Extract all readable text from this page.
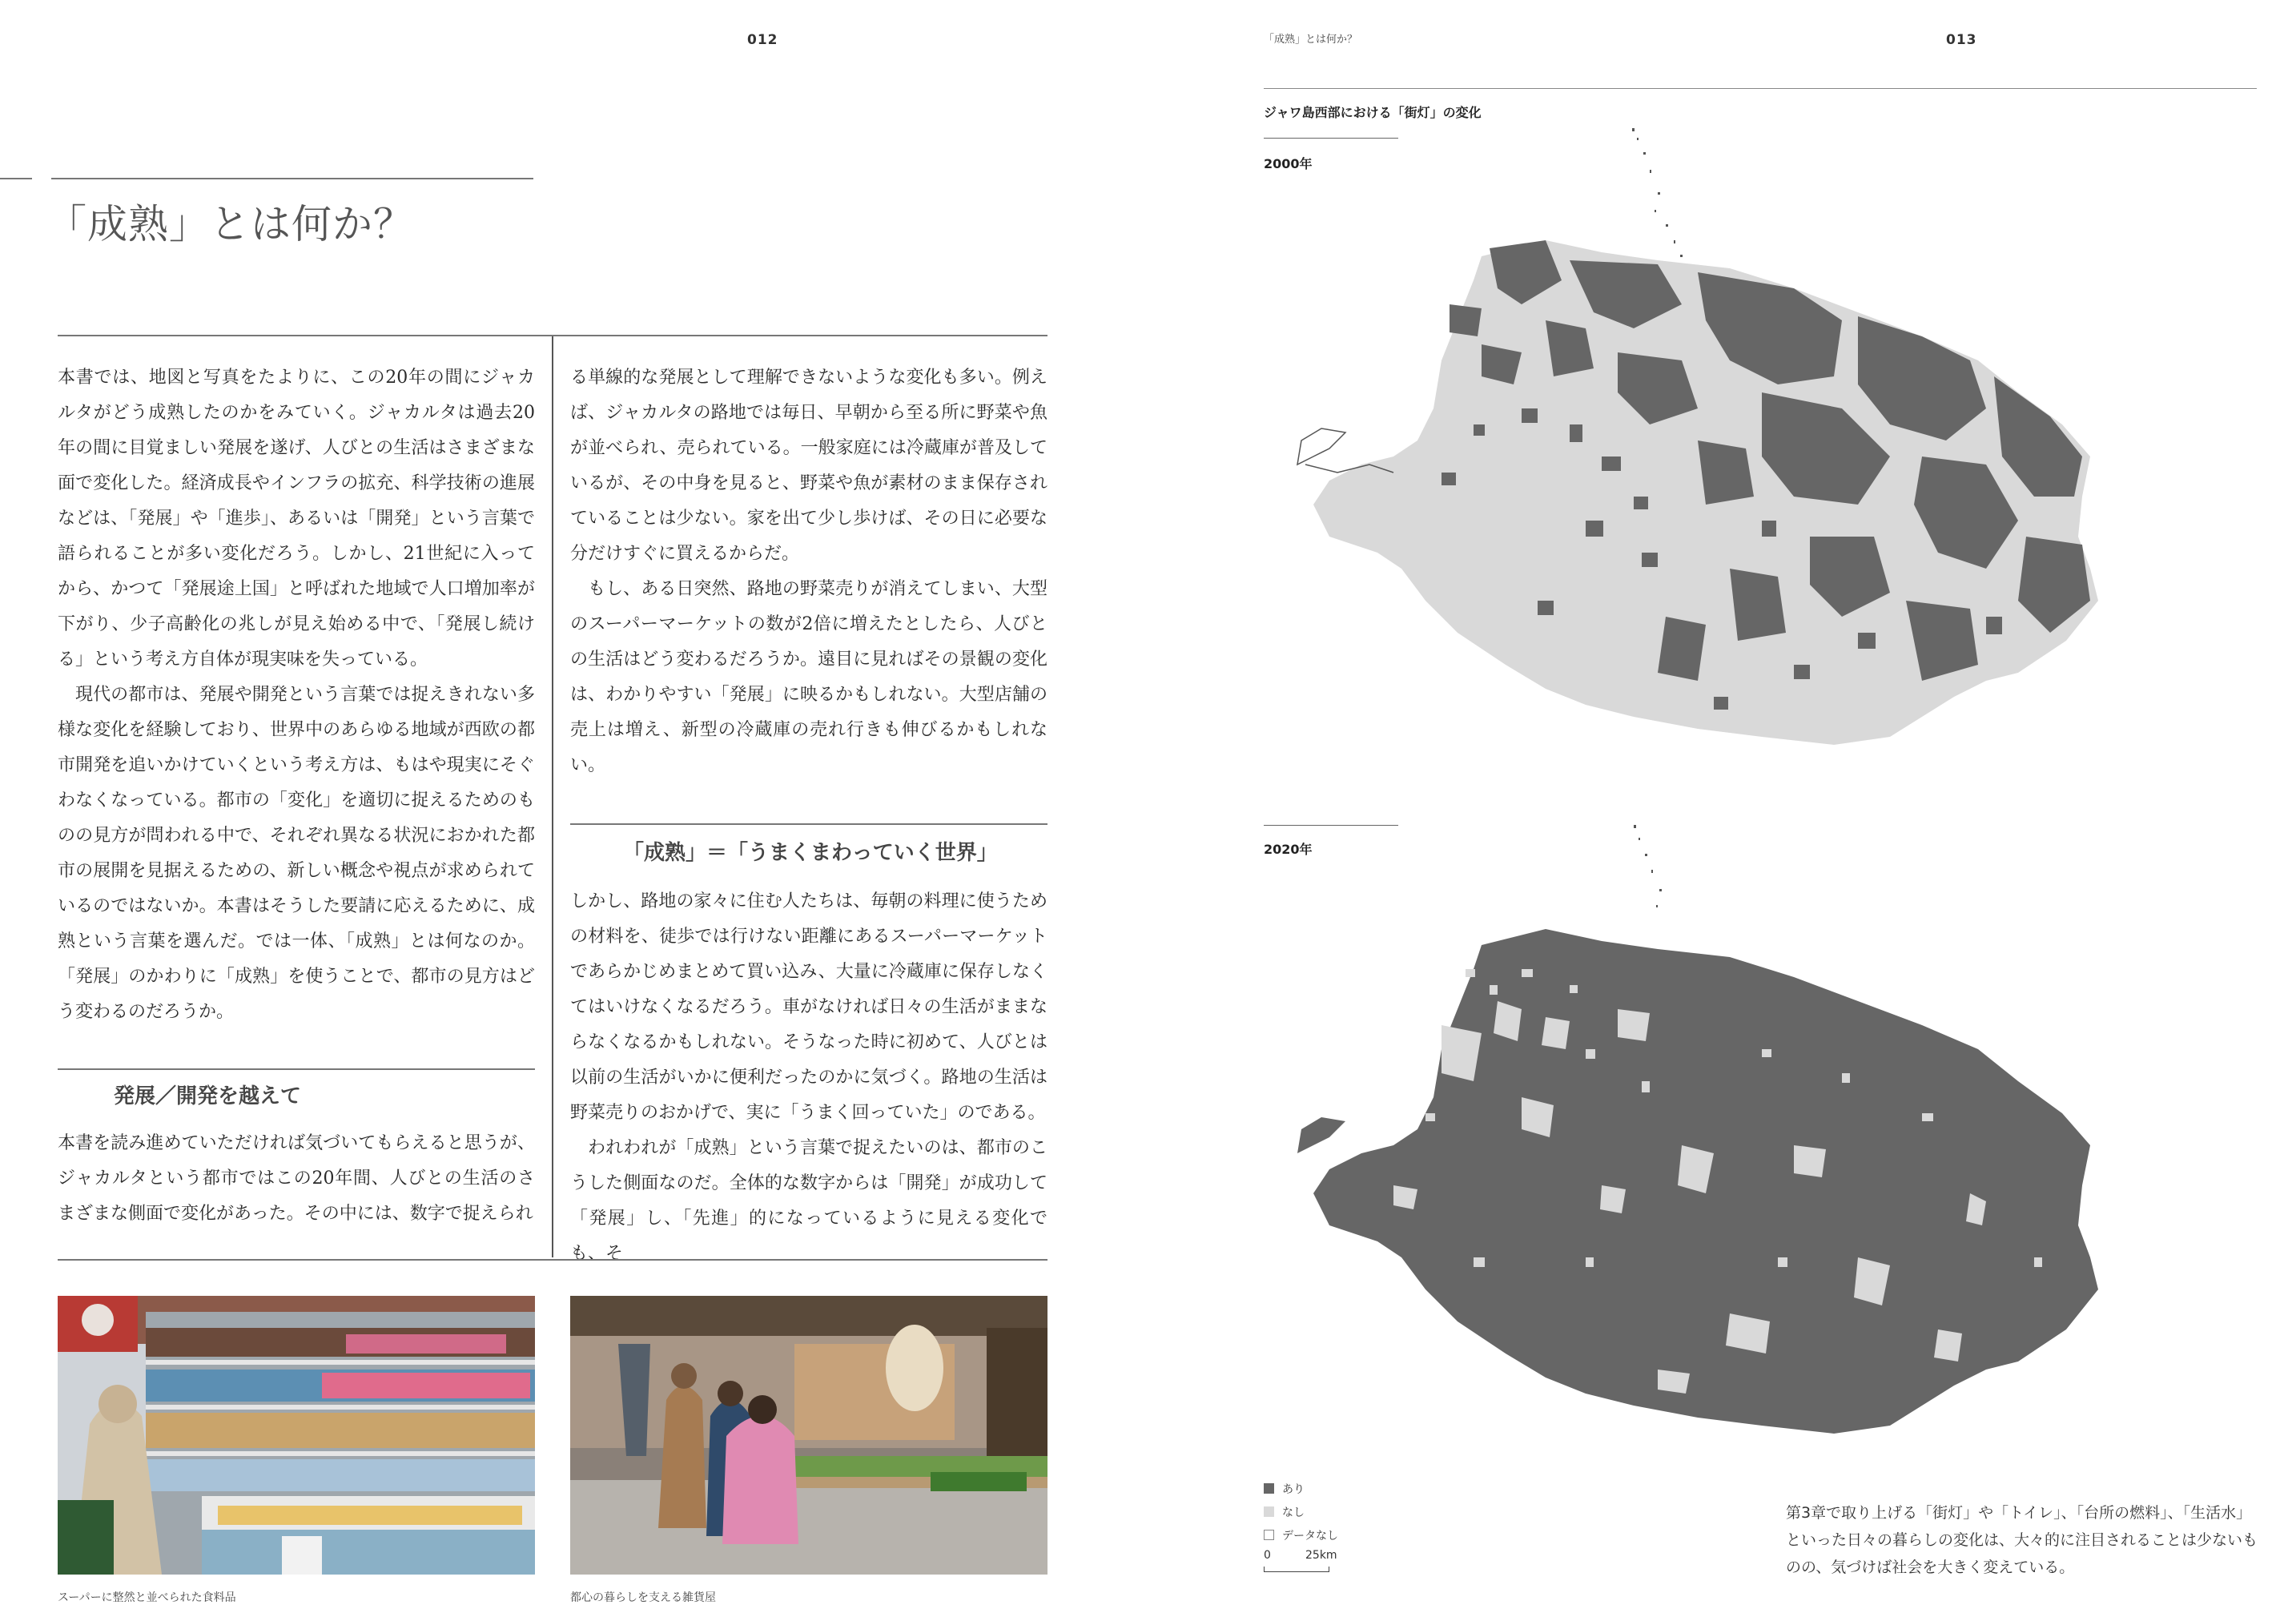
012
「成熟」とは何か？

本書では、地図と写真をたよりに、この20年の間にジャカルタがどう成熟したのかをみていく。ジャカルタは過去20年の間に目覚ましい発展を遂げ、人びとの生活はさまざまな面で変化した。経済成長やインフラの拡充、科学技術の進展などは、「発展」や「進歩」、あるいは「開発」という言葉で語られることが多い変化だろう。しかし、21世紀に入ってから、かつて「発展途上国」と呼ばれた地域で人口増加率が下がり、少子高齢化の兆しが見え始める中で、「発展し続ける」という考え方自体が現実味を失っている。

現代の都市は、発展や開発という言葉では捉えきれない多様な変化を経験しており、世界中のあらゆる地域が西欧の都市開発を追いかけていくという考え方は、もはや現実にそぐわなくなっている。都市の「変化」を適切に捉えるためのものの見方が問われる中で、それぞれ異なる状況におかれた都市の展開を見据えるための、新しい概念や視点が求められているのではないか。本書はそうした要請に応えるために、成熟という言葉を選んだ。では一体、「成熟」とは何なのか。「発展」のかわりに「成熟」を使うことで、都市の見方はどう変わるのだろうか。

発展／開発を越えて
本書を読み進めていただければ気づいてもらえると思うが、ジャカルタという都市ではこの20年間、人びとの生活のさまざまな側面で変化があった。その中には、数字で捉えられ

る単線的な発展として理解できないような変化も多い。例えば、ジャカルタの路地では毎日、早朝から至る所に野菜や魚が並べられ、売られている。一般家庭には冷蔵庫が普及しているが、その中身を見ると、野菜や魚が素材のまま保存されていることは少ない。家を出て少し歩けば、その日に必要な分だけすぐに買えるからだ。

もし、ある日突然、路地の野菜売りが消えてしまい、大型のスーパーマーケットの数が2倍に増えたとしたら、人びとの生活はどう変わるだろうか。遠目に見ればその景観の変化は、わかりやすい「発展」に映るかもしれない。大型店舗の売上は増え、新型の冷蔵庫の売れ行きも伸びるかもしれない。

「成熟」＝「うまくまわっていく世界」

しかし、路地の家々に住む人たちは、毎朝の料理に使うための材料を、徒歩では行けない距離にあるスーパーマーケットであらかじめまとめて買い込み、大量に冷蔵庫に保存しなくてはいけなくなるだろう。車がなければ日々の生活がままならなくなるかもしれない。そうなった時に初めて、人びとは以前の生活がいかに便利だったのかに気づく。路地の生活は野菜売りのおかげで、実に「うまく回っていた」のである。

われわれが「成熟」という言葉で捉えたいのは、都市のこうした側面なのだ。全体的な数字からは「開発」が成功して「発展」し、「先進」的になっているように見える変化でも、そ

スーパーに整然と並べられた食料品	都心の暮らしを支える雑貨屋
「成熟」とは何か？	013
ジャワ島西部における「街灯」の変化
2000年
2020年
あり
なし
データなし
0	25km
第3章で取り上げる「街灯」や「トイレ」、「台所の燃料」、「生活水」といった日々の暮らしの変化は、大々的に注目されることは少ないものの、気づけば社会を大きく変えている。
